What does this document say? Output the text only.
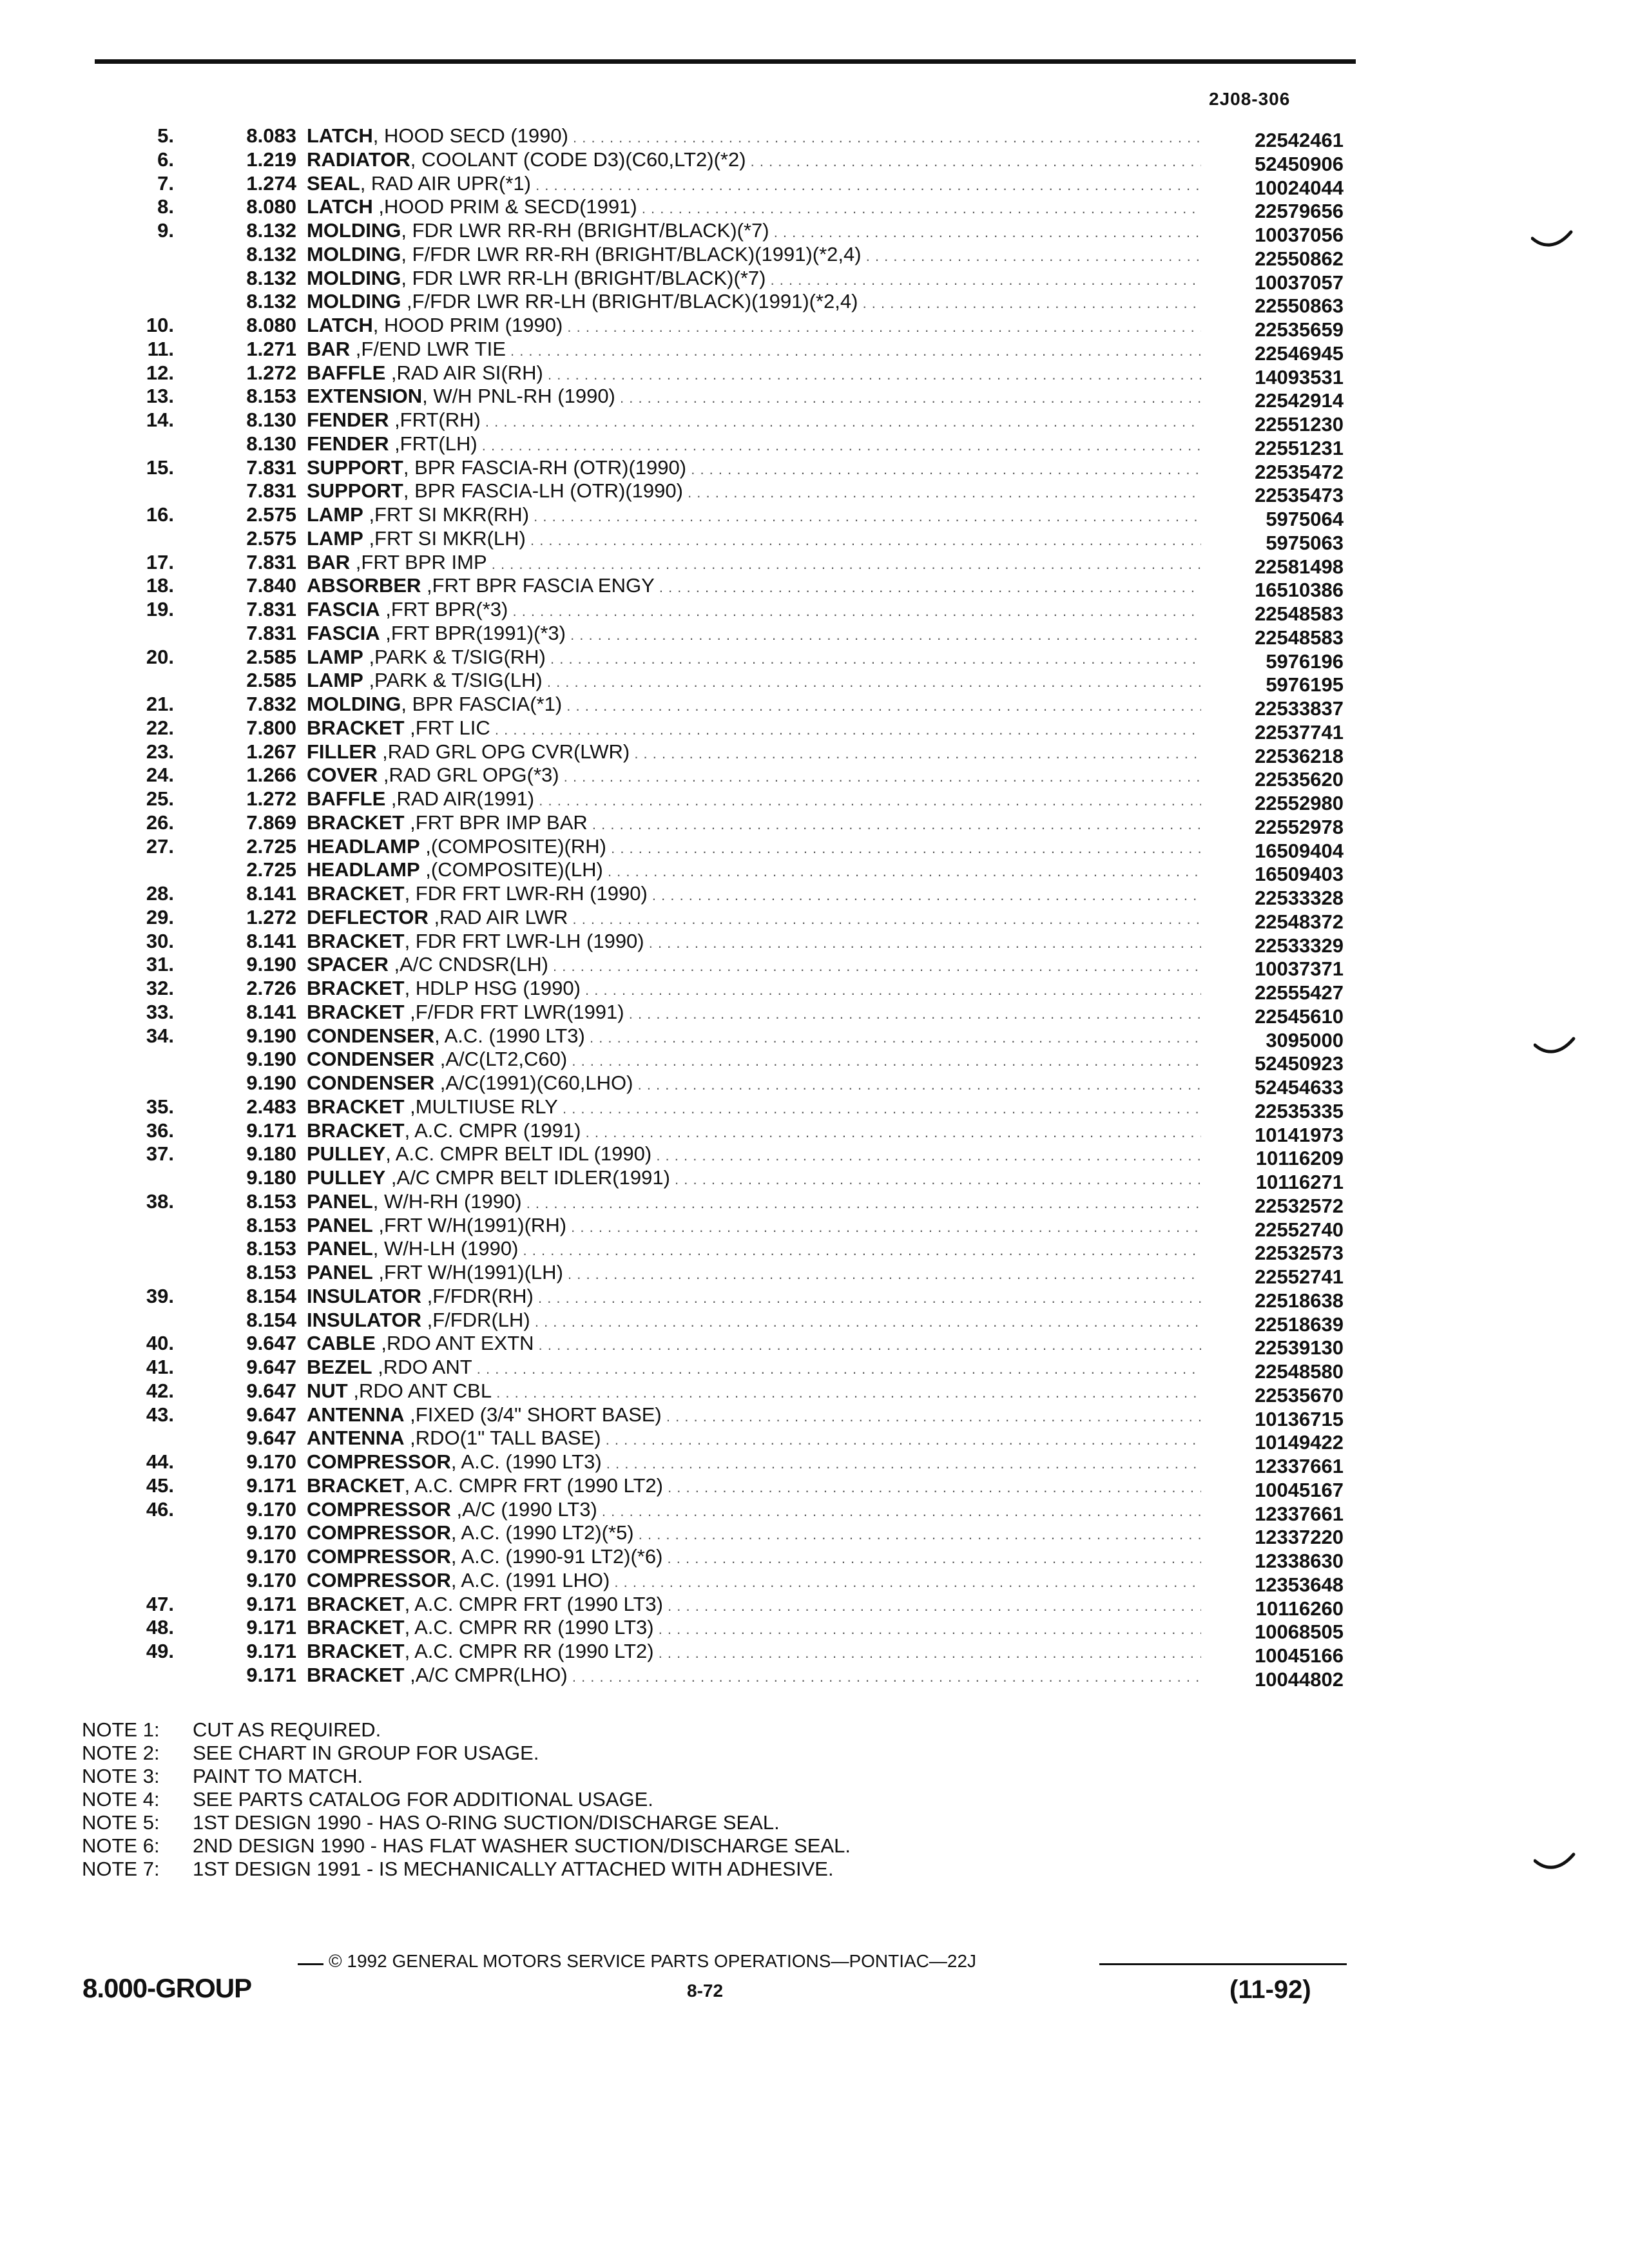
2J08-306
5.	8.083 LATCH, HOOD SECD (1990) . . .	22542461
6.	1.219 RADIATOR, COOLANT (CODE D3)(C60,LT2)(*2) . . .	52450906
7.	1.274 SEAL, RAD AIR UPR(*1) . . .	10024044
8.	8.080 LATCH ,HOOD PRIM & SECD(1991) . . .	22579656
9.	8.132 MOLDING, FDR LWR RR-RH (BRIGHT/BLACK)(*7) . . .	10037056
8.132 MOLDING, F/FDR LWR RR-RH (BRIGHT/BLACK)(1991)(*2,4) . . .	22550862
8.132 MOLDING, FDR LWR RR-LH (BRIGHT/BLACK)(*7) . . .	10037057
8.132 MOLDING ,F/FDR LWR RR-LH (BRIGHT/BLACK)(1991)(*2,4) . . .	22550863
10.	8.080 LATCH, HOOD PRIM (1990) . . .	22535659
11.	1.271 BAR ,F/END LWR TIE . . .	22546945
12.	1.272 BAFFLE ,RAD AIR SI(RH) . . .	14093531
13.	8.153 EXTENSION, W/H PNL-RH (1990) . . .	22542914
14.	8.130 FENDER ,FRT(RH) . . .	22551230
8.130 FENDER ,FRT(LH) . . .	22551231
15.	7.831 SUPPORT, BPR FASCIA-RH (OTR)(1990) . . .	22535472
7.831 SUPPORT, BPR FASCIA-LH (OTR)(1990) . . .	22535473
16.	2.575 LAMP ,FRT SI MKR(RH) . . .	5975064
2.575 LAMP ,FRT SI MKR(LH) . . .	5975063
17.	7.831 BAR ,FRT BPR IMP . . .	22581498
18.	7.840 ABSORBER ,FRT BPR FASCIA ENGY . . .	16510386
19.	7.831 FASCIA ,FRT BPR(*3) . . .	22548583
7.831 FASCIA ,FRT BPR(1991)(*3) . . .	22548583
20.	2.585 LAMP ,PARK & T/SIG(RH) . . .	5976196
2.585 LAMP ,PARK & T/SIG(LH) . . .	5976195
21.	7.832 MOLDING, BPR FASCIA(*1) . . .	22533837
22.	7.800 BRACKET ,FRT LIC . . .	22537741
23.	1.267 FILLER ,RAD GRL OPG CVR(LWR) . . .	22536218
24.	1.266 COVER ,RAD GRL OPG(*3) . . .	22535620
25.	1.272 BAFFLE ,RAD AIR(1991) . . .	22552980
26.	7.869 BRACKET ,FRT BPR IMP BAR . . .	22552978
27.	2.725 HEADLAMP ,(COMPOSITE)(RH) . . .	16509404
2.725 HEADLAMP ,(COMPOSITE)(LH) . . .	16509403
28.	8.141 BRACKET, FDR FRT LWR-RH (1990) . . .	22533328
29.	1.272 DEFLECTOR ,RAD AIR LWR . . .	22548372
30.	8.141 BRACKET, FDR FRT LWR-LH (1990) . . .	22533329
31.	9.190 SPACER ,A/C CNDSR(LH) . . .	10037371
32.	2.726 BRACKET, HDLP HSG (1990) . . .	22555427
33.	8.141 BRACKET ,F/FDR FRT LWR(1991) . . .	22545610
34.	9.190 CONDENSER, A.C. (1990 LT3) . . .	3095000
9.190 CONDENSER ,A/C(LT2,C60) . . .	52450923
9.190 CONDENSER ,A/C(1991)(C60,LHO) . . .	52454633
35.	2.483 BRACKET ,MULTIUSE RLY . . .	22535335
36.	9.171 BRACKET, A.C. CMPR (1991) . . .	10141973
37.	9.180 PULLEY, A.C. CMPR BELT IDL (1990) . . .	10116209
9.180 PULLEY ,A/C CMPR BELT IDLER(1991) . . .	10116271
38.	8.153 PANEL, W/H-RH (1990) . . .	22532572
8.153 PANEL ,FRT W/H(1991)(RH) . . .	22552740
8.153 PANEL, W/H-LH (1990) . . .	22532573
8.153 PANEL ,FRT W/H(1991)(LH) . . .	22552741
39.	8.154 INSULATOR ,F/FDR(RH) . . .	22518638
8.154 INSULATOR ,F/FDR(LH) . . .	22518639
40.	9.647 CABLE ,RDO ANT EXTN . . .	22539130
41.	9.647 BEZEL ,RDO ANT . . .	22548580
42.	9.647 NUT ,RDO ANT CBL . . .	22535670
43.	9.647 ANTENNA ,FIXED (3/4" SHORT BASE) . . .	10136715
9.647 ANTENNA ,RDO(1" TALL BASE) . . .	10149422
44.	9.170 COMPRESSOR, A.C. (1990 LT3) . . .	12337661
45.	9.171 BRACKET, A.C. CMPR FRT (1990 LT2) . . .	10045167
46.	9.170 COMPRESSOR ,A/C (1990 LT3) . . .	12337661
9.170 COMPRESSOR, A.C. (1990 LT2)(*5) . . .	12337220
9.170 COMPRESSOR, A.C. (1990-91 LT2)(*6) . . .	12338630
9.170 COMPRESSOR, A.C. (1991 LHO) . . .	12353648
47.	9.171 BRACKET, A.C. CMPR FRT (1990 LT3) . . .	10116260
48.	9.171 BRACKET, A.C. CMPR RR (1990 LT3) . . .	10068505
49.	9.171 BRACKET, A.C. CMPR RR (1990 LT2) . . .	10045166
9.171 BRACKET ,A/C CMPR(LHO) . . .	10044802
NOTE 1: CUT AS REQUIRED.
NOTE 2: SEE CHART IN GROUP FOR USAGE.
NOTE 3: PAINT TO MATCH.
NOTE 4: SEE PARTS CATALOG FOR ADDITIONAL USAGE.
NOTE 5: 1ST DESIGN 1990 - HAS O-RING SUCTION/DISCHARGE SEAL.
NOTE 6: 2ND DESIGN 1990 - HAS FLAT WASHER SUCTION/DISCHARGE SEAL.
NOTE 7: 1ST DESIGN 1991 - IS MECHANICALLY ATTACHED WITH ADHESIVE.
© 1992 GENERAL MOTORS SERVICE PARTS OPERATIONS—PONTIAC—22J
8.000-GROUP	8-72	(11-92)
